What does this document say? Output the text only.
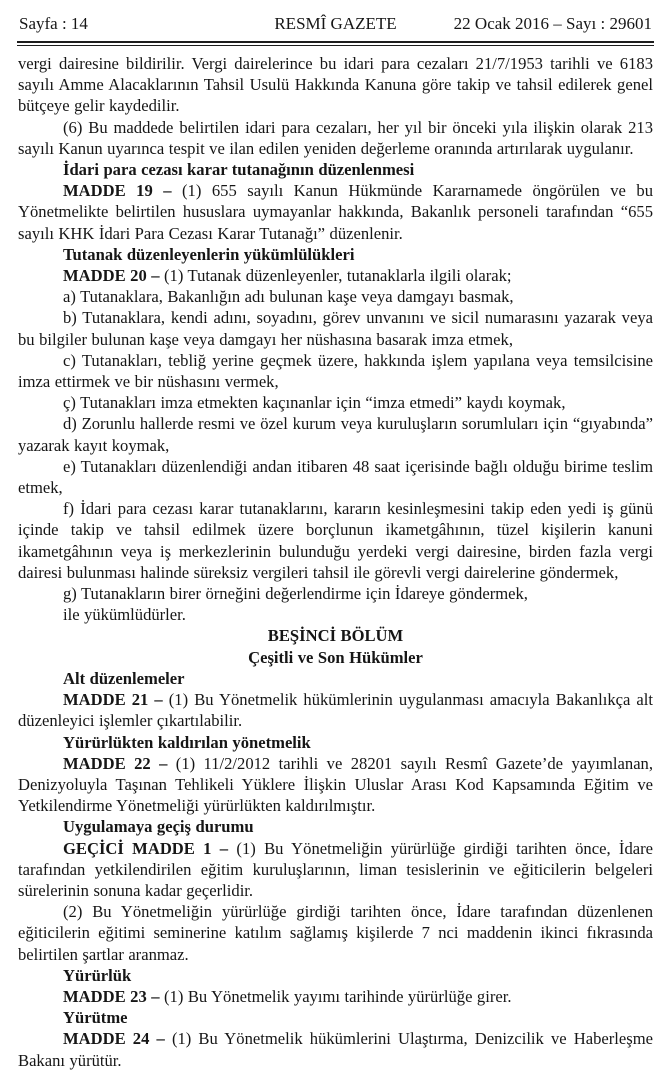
Sayfa : 14	RESMÎ GAZETE	22 Ocak 2016 – Sayı : 29601

vergi dairesine bildirilir. Vergi dairelerince bu idari para cezaları 21/7/1953 tarihli ve 6183 sayılı Amme Alacaklarının Tahsil Usulü Hakkında Kanuna göre takip ve tahsil edilerek genel bütçeye gelir kaydedilir.

(6) Bu maddede belirtilen idari para cezaları, her yıl bir önceki yıla ilişkin olarak 213 sayılı Kanun uyarınca tespit ve ilan edilen yeniden değerleme oranında artırılarak uygulanır.

İdari para cezası karar tutanağının düzenlenmesi

MADDE 19 – (1) 655 sayılı Kanun Hükmünde Kararnamede öngörülen ve bu Yönetmelikte belirtilen hususlara uymayanlar hakkında, Bakanlık personeli tarafından “655 sayılı KHK İdari Para Cezası Karar Tutanağı” düzenlenir.

Tutanak düzenleyenlerin yükümlülükleri

MADDE 20 – (1) Tutanak düzenleyenler, tutanaklarla ilgili olarak;

a) Tutanaklara, Bakanlığın adı bulunan kaşe veya damgayı basmak,

b) Tutanaklara, kendi adını, soyadını, görev unvanını ve sicil numarasını yazarak veya bu bilgiler bulunan kaşe veya damgayı her nüshasına basarak imza etmek,

c) Tutanakları, tebliğ yerine geçmek üzere, hakkında işlem yapılana veya temsilcisine imza ettirmek ve bir nüshasını vermek,

ç) Tutanakları imza etmekten kaçınanlar için “imza etmedi” kaydı koymak,

d) Zorunlu hallerde resmi ve özel kurum veya kuruluşların sorumluları için “gıyabında” yazarak kayıt koymak,

e) Tutanakları düzenlendiği andan itibaren 48 saat içerisinde bağlı olduğu birime teslim etmek,

f) İdari para cezası karar tutanaklarını, kararın kesinleşmesini takip eden yedi iş günü içinde takip ve tahsil edilmek üzere borçlunun ikametgâhının, tüzel kişilerin kanuni ikametgâhının veya iş merkezlerinin bulunduğu yerdeki vergi dairesine, birden fazla vergi dairesi bulunması halinde süreksiz vergileri tahsil ile görevli vergi dairelerine göndermek,

g) Tutanakların birer örneğini değerlendirme için İdareye göndermek,

ile yükümlüdürler.

BEŞİNCİ BÖLÜM

Çeşitli ve Son Hükümler

Alt düzenlemeler

MADDE 21 – (1) Bu Yönetmelik hükümlerinin uygulanması amacıyla Bakanlıkça alt düzenleyici işlemler çıkartılabilir.

Yürürlükten kaldırılan yönetmelik

MADDE 22 – (1) 11/2/2012 tarihli ve 28201 sayılı Resmî Gazete’de yayımlanan, Denizyoluyla Taşınan Tehlikeli Yüklere İlişkin Uluslar Arası Kod Kapsamında Eğitim ve Yetkilendirme Yönetmeliği yürürlükten kaldırılmıştır.

Uygulamaya geçiş durumu

GEÇİCİ MADDE 1 – (1) Bu Yönetmeliğin yürürlüğe girdiği tarihten önce, İdare tarafından yetkilendirilen eğitim kuruluşlarının, liman tesislerinin ve eğiticilerin belgeleri sürelerinin sonuna kadar geçerlidir.

(2) Bu Yönetmeliğin yürürlüğe girdiği tarihten önce, İdare tarafından düzenlenen eğiticilerin eğitimi seminerine katılım sağlamış kişilerde 7 nci maddenin ikinci fıkrasında belirtilen şartlar aranmaz.

Yürürlük

MADDE 23 – (1) Bu Yönetmelik yayımı tarihinde yürürlüğe girer.

Yürütme

MADDE 24 – (1) Bu Yönetmelik hükümlerini Ulaştırma, Denizcilik ve Haberleşme Bakanı yürütür.
